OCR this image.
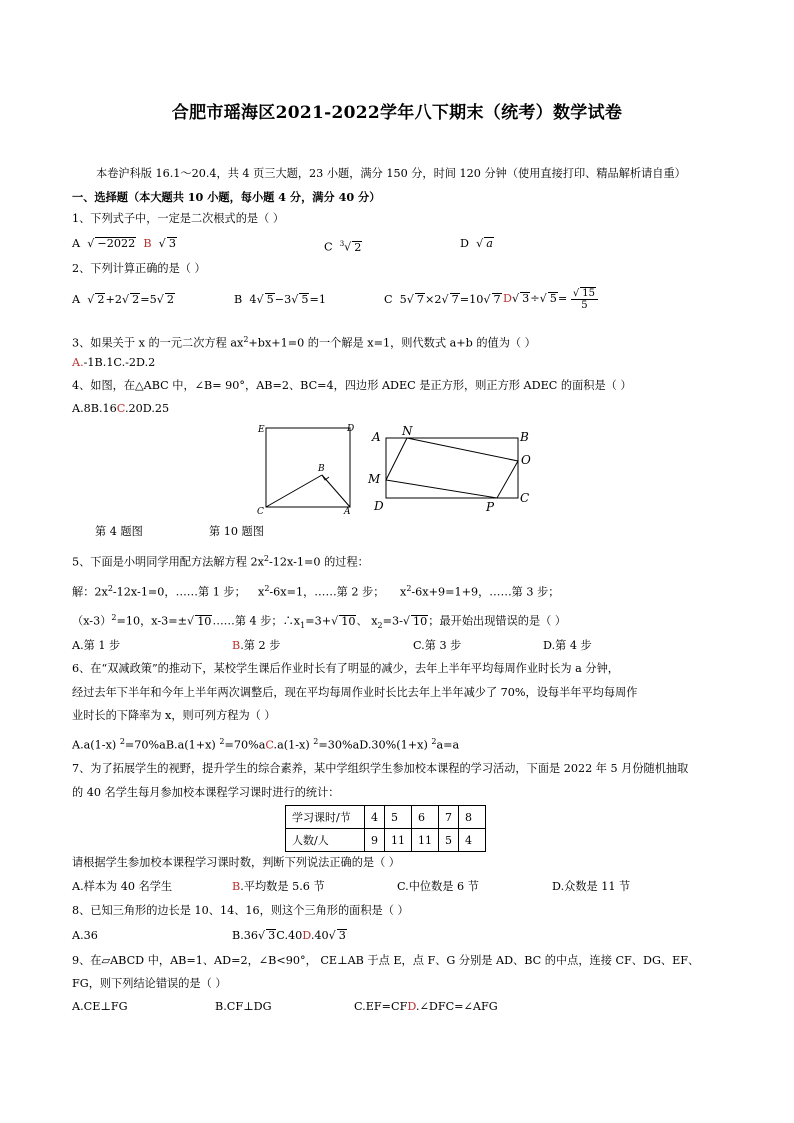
合肥市瑶海区2021-2022学年八下期末（统考）数学试卷
本卷沪科版 16.1～20.4，共 4 页三大题，23 小题，满分 150 分，时间 120 分钟（使用直接打印、精品解析请自重）
一、选择题（本大题共 10 小题，每小题 4 分，满分 40 分）
1、下列式子中，一定是二次根式的是（ ）
A  √ −2022 B  √ 3	C $^3$√ 2	D  √ a
2、下列计算正确的是（ ）
A  √ 2+2√ 2=5√ 2	B  4√ 5−3√ 5=1	C  5√ 7×2√ 7=10√ 7 D√ 3÷√ $5= \frac{√ 15}{5}$
3、如果关于 x 的一元二次方程 $ax^2+bx+1=0$ 的一个解是 x=1，则代数式 a+b 的值为（ ）
A.-1B.1C.-2D.2
4、如图，在△ABC 中，∠B= 90°，AB=2、BC=4，四边形 ADEC 是正方形，则正方形 ADEC 的面积是（ ）
A.8B.16C.20D.25
E	D
B
C	A
A N	B
O
M
D	P
C
第 4 题图	第 10 题图
5、下面是小明同学用配方法解方程 $2x^2-12x-1=0$ 的过程：
解：$2x^2-12x-1=0$，……第 1 步； $x^2-6x=1$，……第 2 步； $x^2-6x+9=1+9$，……第 3 步；
$(x-3)^2=10$，x-3=±√ 10……第 4 步；$\therefore x_1=3+√$ 10、 $x_2=3-√$ 10；最开始出现错误的是（ ）
A.第 1 步	B.第 2 步	C.第 3 步	D.第 4 步
6、在“双减政策”的推动下，某校学生课后作业时长有了明显的减少，去年上半年平均每周作业时长为 a 分钟，
经过去年下半年和今年上半年两次调整后，现在平均每周作业时长比去年上半年减少了 70%，设每半年平均每周作
业时长的下降率为 x，则可列方程为（ ）
A.a(1-x) $^2$=70%aB.a(1+x) $^2$=70%aC.a(1-x) $^2$=30%aD.30%(1+x) $^2$a=a
7、为了拓展学生的视野，提升学生的综合素养，某中学组织学生参加校本课程的学习活动，下面是 2022 年 5 月份随机抽取
的 40 名学生每月参加校本课程学习课时进行的统计：
学习课时/节	4	5	6	7	8
人数/人	9	11	11	5	4
请根据学生参加校本课程学习课时数，判断下列说法正确的是（ ）
A.样本为 40 名学生	B.平均数是 5.6 节	C.中位数是 6 节	D.众数是 11 节
8、已知三角形的边长是 10、14、16，则这个三角形的面积是（ ）
A.36	B.36√ 3C.40D.40√ 3
9、在▱ABCD 中，AB=1、AD=2，∠B<90°， CE⊥AB 于点 E，点 F、G 分别是 AD、BC 的中点，连接 CF、DG、EF、
FG，则下列结论错误的是（ ）
A.CE⊥FG	B.CF⊥DG	C.EF=CFD.∠DFC=∠AFG
